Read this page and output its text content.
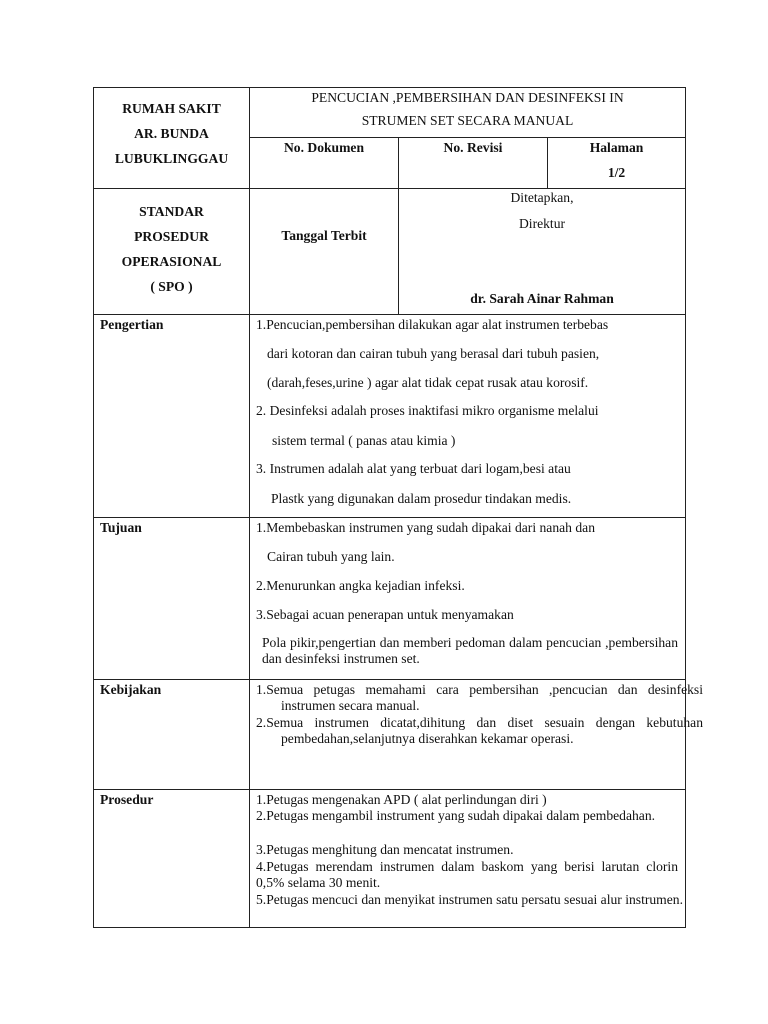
RUMAH SAKIT
AR. BUNDA
LUBUKLINGGAU
PENCUCIAN ,PEMBERSIHAN DAN DESINFEKSI IN
STRUMEN SET SECARA MANUAL
No. Dokumen	No. Revisi	Halaman
1/2
STANDAR
PROSEDUR
OPERASIONAL
( SPO )
Tanggal Terbit
Ditetapkan,
Direktur
dr. Sarah Ainar Rahman
Pengertian	1.Pencucian,pembersihan dilakukan agar alat instrumen terbebas
dari kotoran dan cairan tubuh yang berasal dari tubuh pasien,
(darah,feses,urine ) agar alat tidak cepat rusak atau korosif.
2. Desinfeksi adalah proses inaktifasi mikro organisme melalui
sistem termal ( panas atau kimia )
3. Instrumen adalah alat yang terbuat dari logam,besi atau
Plastk yang digunakan dalam prosedur tindakan medis.
Tujuan	1.Membebaskan instrumen yang sudah dipakai dari nanah dan
Cairan tubuh yang lain.
2.Menurunkan angka kejadian infeksi.
3.Sebagai acuan penerapan untuk menyamakan
Pola pikir,pengertian dan memberi pedoman dalam pencucian ,pembersihan dan desinfeksi instrumen set.
Kebijakan	1.Semua petugas memahami cara pembersihan ,pencucian dan desinfeksi instrumen secara manual.
2.Semua instrumen dicatat,dihitung dan diset sesuain dengan kebutuhan pembedahan,selanjutnya diserahkan kekamar operasi.
Prosedur	1.Petugas mengenakan APD ( alat perlindungan diri )
2.Petugas mengambil instrument yang sudah dipakai dalam pembedahan.
3.Petugas menghitung dan mencatat instrumen.
4.Petugas merendam instrumen dalam baskom yang berisi larutan clorin 0,5% selama 30 menit.
5.Petugas mencuci dan menyikat instrumen satu persatu sesuai alur instrumen.
